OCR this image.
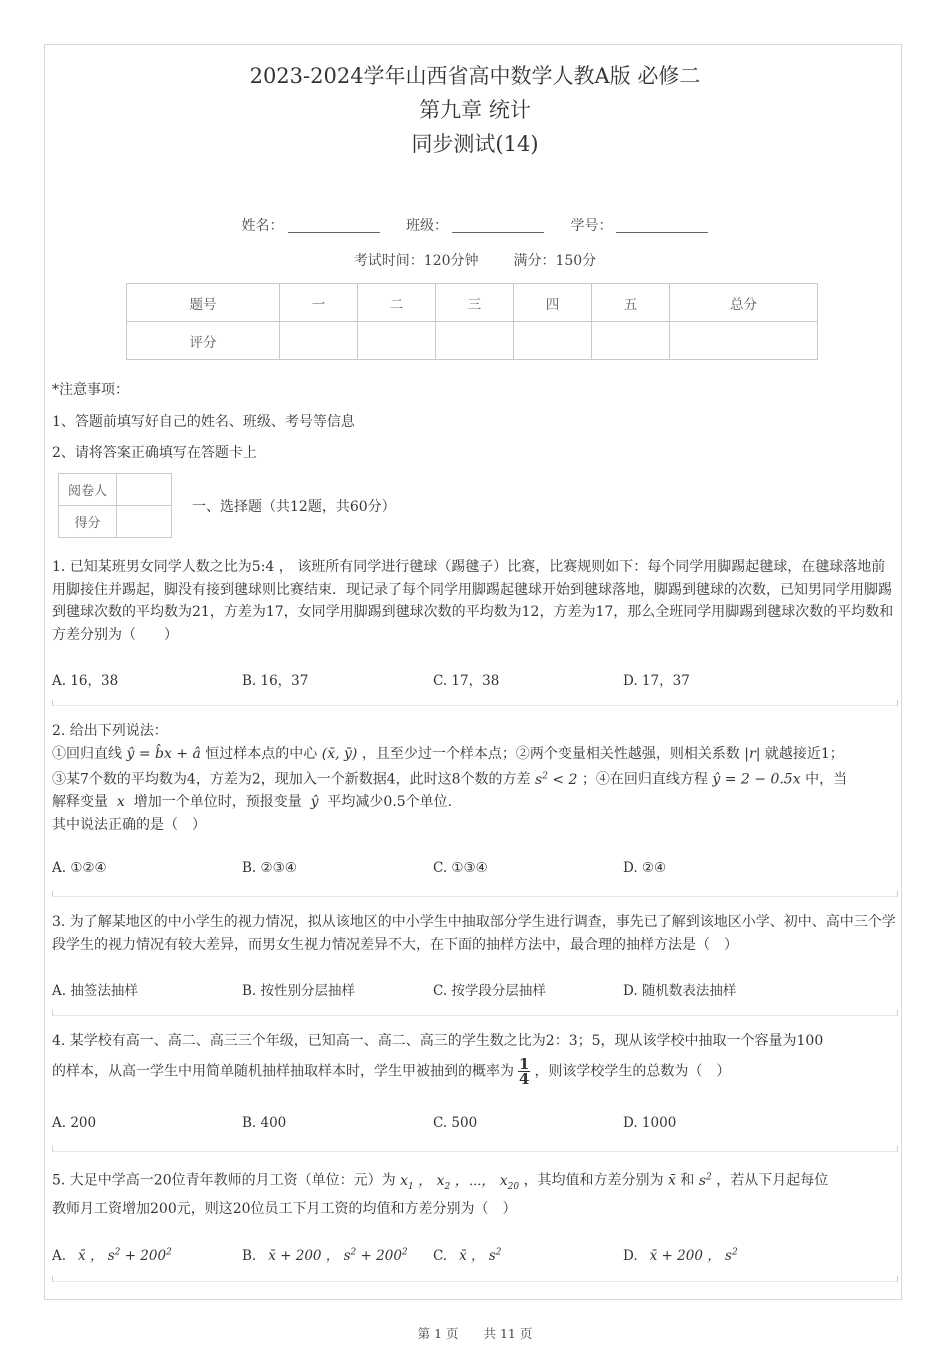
2023-2024学年山西省高中数学人教A版 必修二
第九章 统计
同步测试(14)
姓名：	班级：	学号：
考试时间：120分钟 满分：150分
题号	一	二	三	四	五	总分
评分						
*注意事项：
1、答题前填写好自己的姓名、班级、考号等信息
2、请将答案正确填写在答题卡上
阅卷人	
得分	
一、选择题（共12题，共60分）
1. 已知某班男女同学人数之比为5:4 ， 该班所有同学进行毽球（踢毽子）比赛，比赛规则如下：每个同学用脚踢起毽球，在毽球落地前用脚接住并踢起，脚没有接到毽球则比赛结束．现记录了每个同学用脚踢起毽球开始到毽球落地，脚踢到毽球的次数，已知男同学用脚踢到毽球次数的平均数为21，方差为17，女同学用脚踢到毽球次数的平均数为12，方差为17，那么全班同学用脚踢到毽球次数的平均数和方差分别为（　　）
A. 16，38	B. 16，37	C. 17，38	D. 17，37
2. 给出下列说法：
①回归直线 ŷ = b̂x + â 恒过样本点的中心 (x̄, ȳ) ，且至少过一个样本点；②两个变量相关性越强，则相关系数 |r| 就越接近1；
③某7个数的平均数为4，方差为2，现加入一个新数据4，此时这8个数的方差 $s^2 < 2$ ；④在回归直线方程 ŷ = 2 − 0.5x 中，当
解释变量  x  增加一个单位时，预报变量  ŷ  平均减少0.5个单位.
其中说法正确的是（　）
A. ①②④	B. ②③④	C. ①③④	D. ②④
3. 为了解某地区的中小学生的视力情况，拟从该地区的中小学生中抽取部分学生进行调查，事先已了解到该地区小学、初中、高中三个学段学生的视力情况有较大差异，而男女生视力情况差异不大，在下面的抽样方法中，最合理的抽样方法是（　）
A. 抽签法抽样	B. 按性别分层抽样	C. 按学段分层抽样	D. 随机数表法抽样
4. 某学校有高一、高二、高三三个年级，已知高一、高二、高三的学生数之比为2：3；5，现从该学校中抽取一个容量为100
的样本，从高一学生中用简单随机抽样抽取样本时，学生甲被抽到的概率为 $\frac{1}{4}$ ，则该学校学生的总数为（　）
A. 200	B. 400	C. 500	D. 1000
5. 大足中学高一20位青年教师的月工资（单位：元）为 $x_1$ ， $x_2$ ，⋯， $x_{20}$ ，其均值和方差分别为 x̄ 和 $s^2$ ，若从下月起每位
教师月工资增加200元，则这20位员工下月工资的均值和方差分别为（　）
A. x̄ ， $s^2 + 200^2$	B. x̄ + 200 ， $s^2 + 200^2$ C. x̄ ， $s^2$	D. x̄ + 200 ， $s^2$
第 1 页　　共 11 页
